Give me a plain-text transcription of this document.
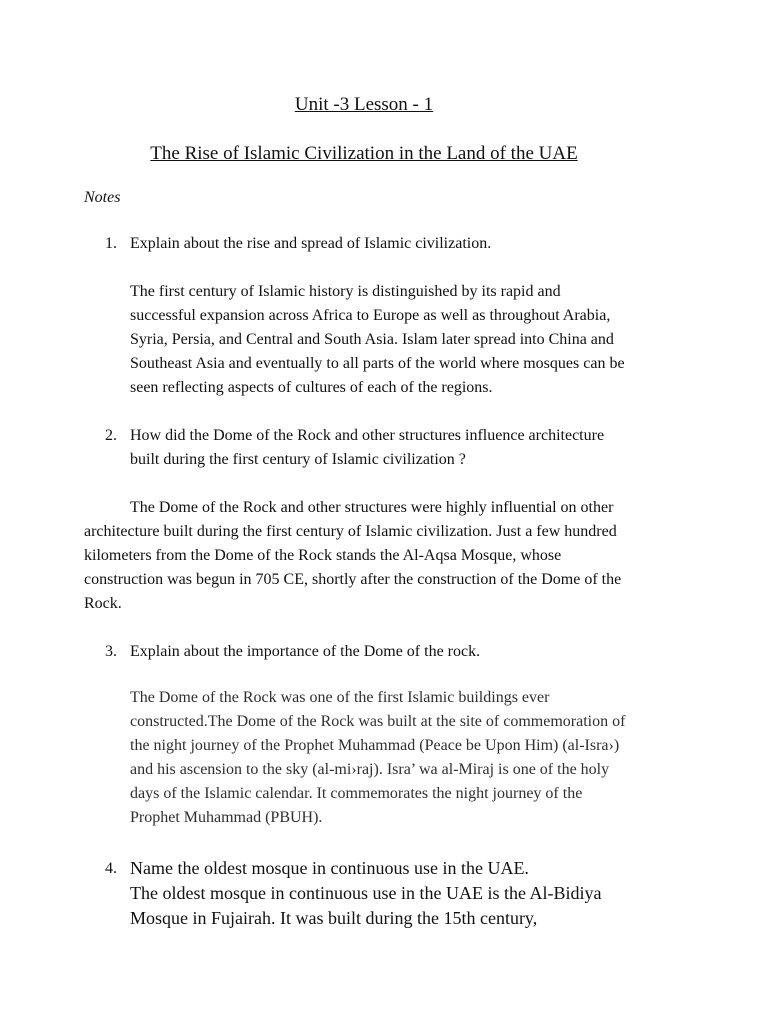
Unit -3 Lesson - 1
The Rise of Islamic Civilization in the Land of the UAE
Notes
1. Explain about the rise and spread of Islamic civilization.
The first century of Islamic history is distinguished by its rapid and
successful expansion across Africa to Europe as well as throughout Arabia,
Syria, Persia, and Central and South Asia. Islam later spread into China and
Southeast Asia and eventually to all parts of the world where mosques can be
seen reflecting aspects of cultures of each of the regions.
2. How did the Dome of the Rock and other structures influence architecture
built during the first century of Islamic civilization ?
The Dome of the Rock and other structures were highly influential on other
architecture built during the first century of Islamic civilization. Just a few hundred
kilometers from the Dome of the Rock stands the Al-Aqsa Mosque, whose
construction was begun in 705 CE, shortly after the construction of the Dome of the
Rock.
3. Explain about the importance of the Dome of the rock.
The Dome of the Rock was one of the first Islamic buildings ever
constructed.The Dome of the Rock was built at the site of commemoration of
the night journey of the Prophet Muhammad (Peace be Upon Him) (al-Isra›)
and his ascension to the sky (al-mi›raj). Isra’ wa al-Miraj is one of the holy
days of the Islamic calendar. It commemorates the night journey of the
Prophet Muhammad (PBUH).
4. Name the oldest mosque in continuous use in the UAE.
The oldest mosque in continuous use in the UAE is the Al-Bidiya
Mosque in Fujairah. It was built during the 15th century,
